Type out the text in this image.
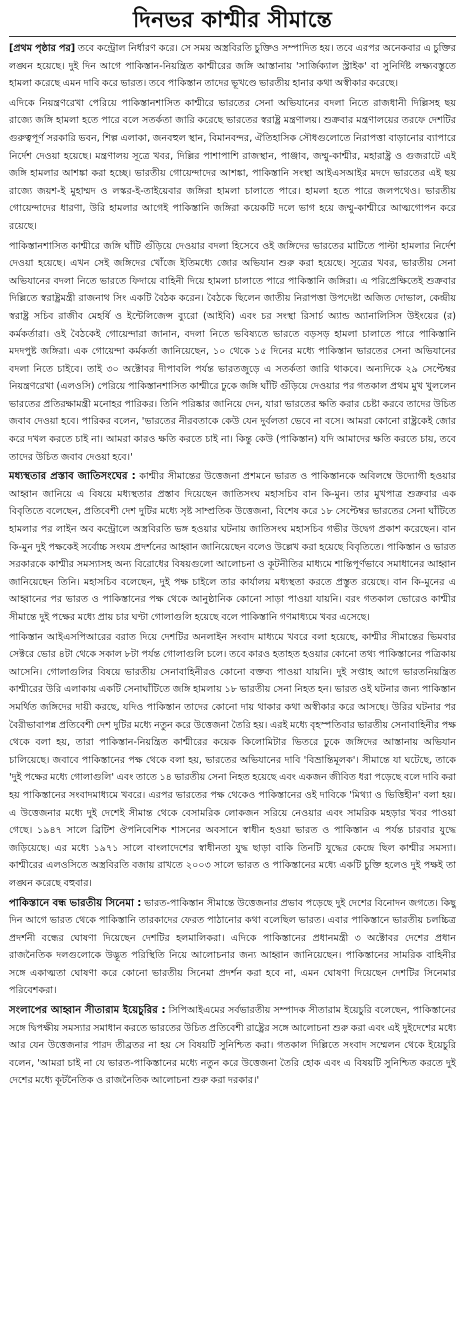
দিনভর কাশ্মীর সীমান্তে

[প্রথম পৃষ্ঠার পর] তবে কন্ট্রোল নির্ধারণ করে। সে সময় অস্ত্রবিরতি চুক্তিও সম্পাদিত হয়। তবে এরপর অনেকবার এ চুক্তির লঙ্ঘন হয়েছে। দুই দিন আগে পাকিস্তান-নিয়ন্ত্রিত কাশ্মীরের জঙ্গি আস্তানায় 'সার্জিক্যাল স্ট্রাইক' বা সুনির্দিষ্ট লক্ষ্যবস্তুতে হামলা করেছে এমন দাবি করে ভারত। তবে পাকিস্তান তাদের ভূখণ্ডে ভারতীয় হানার কথা অস্বীকার করেছে।

এদিকে নিয়ন্ত্রণরেখা পেরিয়ে পাকিস্তানশাসিত কাশ্মীরে ভারতের সেনা অভিযানের বদলা নিতে রাজধানী দিল্লিসহ ছয় রাজ্যে জঙ্গি হামলা হতে পারে বলে সতর্কতা জারি করেছে ভারতের স্বরাষ্ট্র মন্ত্রণালয়। শুক্রবার মন্ত্রণালয়ের তরফে দেশটির গুরুত্বপূর্ণ সরকারি ভবন, শিল্প এলাকা, জনবহুল স্থান, বিমানবন্দর, ঐতিহাসিক সৌধগুলোতে নিরাপত্তা বাড়ানোর ব্যাপারে নির্দেশ দেওয়া হয়েছে। মন্ত্রণালয় সূত্রে খবর, দিল্লির পাশাপাশি রাজস্থান, পাঞ্জাব, জম্মু-কাশ্মীর, মহারাষ্ট্র ও গুজরাটে এই জঙ্গি হামলার আশঙ্কা করা হচ্ছে। ভারতীয় গোয়েন্দাদের আশঙ্কা, পাকিস্তানি সংস্থা আইএসআইর মদদে ভারতের এই ছয় রাজ্যে জয়শ-ই মুহাম্মদ ও লস্কর-ই-তাইয়েবার জঙ্গিরা হামলা চালাতে পারে। হামলা হতে পারে জলপথেও। ভারতীয় গোয়েন্দাদের ধারণা, উরি হামলার আগেই পাকিস্তানি জঙ্গিরা কয়েকটি দলে ভাগ হয়ে জম্মু-কাশ্মীরে আত্মগোপন করে রয়েছে।

পাকিস্তানশাসিত কাশ্মীরে জঙ্গি ঘাঁটি গুঁড়িয়ে দেওয়ার বদলা হিসেবে ওই জঙ্গিদের ভারতের মাটিতে পাল্টা হামলার নির্দেশ দেওয়া হয়েছে। এখন সেই জঙ্গিদের খোঁজে ইতিমধ্যে জোর অভিযান শুরু করা হয়েছে। সূত্রের খবর, ভারতীয় সেনা অভিযানের বদলা নিতে ভারতে ফিদায়ে বাহিনী দিয়ে হামলা চালাতে পারে পাকিস্তানি জঙ্গিরা। এ পরিপ্রেক্ষিতেই শুক্রবার দিল্লিতে স্বরাষ্ট্রমন্ত্রী রাজনাথ সিং একটি বৈঠক করেন। বৈঠকে ছিলেন জাতীয় নিরাপত্তা উপদেষ্টা অজিত দোভাল, কেন্দ্রীয় স্বরাষ্ট্র সচিব রাজীব মেহর্ষি ও ইন্টেলিজেন্স ব্যুরো (আইবি) এবং চর সংস্থা রিসার্চ অ্যান্ড অ্যানালিসিস উইংয়ের (র) কর্মকর্তারা। ওই বৈঠকেই গোয়েন্দারা জানান, বদলা নিতে ভবিষ্যতে ভারতে বড়সড় হামলা চালাতে পারে পাকিস্তানি মদদপুষ্ট জঙ্গিরা। এক গোয়েন্দা কর্মকর্তা জানিয়েছেন, ১০ থেকে ১৫ দিনের মধ্যে পাকিস্তান ভারতের সেনা অভিযানের বদলা নিতে চাইবে। তাই ৩০ অক্টোবর দীপাবলি পর্যন্ত ভারতজুড়ে এ সতর্কতা জারি থাকবে। অন্যদিকে ২৯ সেপ্টেম্বর নিয়ন্ত্রণরেখা (এলওসি) পেরিয়ে পাকিস্তানশাসিত কাশ্মীরে ঢুকে জঙ্গি ঘাঁটি গুঁড়িয়ে দেওয়ার পর গতকাল প্রথম মুখ খুললেন ভারতের প্রতিরক্ষামন্ত্রী মনোহর পারিকর। তিনি পরিষ্কার জানিয়ে দেন, যারা ভারতের ক্ষতি করার চেষ্টা করবে তাদের উচিত জবাব দেওয়া হবে। পারিকর বলেন, 'ভারতের নীরবতাকে কেউ যেন দুর্বলতা ভেবে না বসে। আমরা কোনো রাষ্ট্রকেই জোর করে দখল করতে চাই না। আমরা কারও ক্ষতি করতে চাই না। কিন্তু কেউ (পাকিস্তান) যদি আমাদের ক্ষতি করতে চায়, তবে তাদের উচিত জবাব দেওয়া হবে।'

মধ্যস্থতার প্রস্তাব জাতিসংঘের : কাশ্মীর সীমান্তের উত্তেজনা প্রশমনে ভারত ও পাকিস্তানকে অবিলম্বে উদ্যোগী হওয়ার আহ্বান জানিয়ে এ বিষয়ে মধ্যস্থতার প্রস্তাব দিয়েছেন জাতিসংঘ মহাসচিব বান কি-মুন। তার মুখপাত্র শুক্রবার এক বিবৃতিতে বলেছেন, প্রতিবেশী দেশ দুটির মধ্যে সৃষ্ট সাম্প্রতিক উত্তেজনা, বিশেষ করে ১৮ সেপ্টেম্বর ভারতের সেনা ঘাঁটিতে হামলার পর লাইন অব কন্ট্রোলে অস্ত্রবিরতি ভঙ্গ হওয়ার ঘটনায় জাতিসংঘ মহাসচিব গভীর উদ্বেগ প্রকাশ করেছেন। বান কি-মুন দুই পক্ষকেই সর্বোচ্চ সংযম প্রদর্শনের আহ্বান জানিয়েছেন বলেও উল্লেখ করা হয়েছে বিবৃতিতে। পাকিস্তান ও ভারত সরকারকে কাশ্মীর সমস্যাসহ অন্য বিরোধের বিষয়গুলো আলোচনা ও কূটনীতির মাধ্যমে শান্তিপূর্ণভাবে সমাধানের আহ্বান জানিয়েছেন তিনি। মহাসচিব বলেছেন, দুই পক্ষ চাইলে তার কার্যালয় মধ্যস্থতা করতে প্রস্তুত রয়েছে। বান কি-মুনের এ আহ্বানের পর ভারত ও পাকিস্তানের পক্ষ থেকে আনুষ্ঠানিক কোনো সাড়া পাওয়া যায়নি। বরং গতকাল ভোরেও কাশ্মীর সীমান্তে দুই পক্ষের মধ্যে প্রায় চার ঘণ্টা গোলাগুলি হয়েছে বলে পাকিস্তানি গণমাধ্যমে খবর এসেছে।

পাকিস্তান আইএসপিআরের বরাত দিয়ে দেশটির অনলাইন সংবাদ মাধ্যমে খবরে বলা হয়েছে, কাশ্মীর সীমান্তের ভিমবার সেক্টরে ভোর ৪টা থেকে সকাল ৮টা পর্যন্ত গোলাগুলি চলে। তবে কারও হতাহত হওয়ার কোনো তথ্য পাকিস্তানের পত্রিকায় আসেনি। গোলাগুলির বিষয়ে ভারতীয় সেনাবাহিনীরও কোনো বক্তব্য পাওয়া যায়নি। দুই সপ্তাহ আগে ভারতনিয়ন্ত্রিত কাশ্মীরের উরি এলাকায় একটি সেনাঘাঁটিতে জঙ্গি হামলায় ১৮ ভারতীয় সেনা নিহত হন। ভারত ওই ঘটনার জন্য পাকিস্তান সমর্থিত জঙ্গিদের দায়ী করছে, যদিও পাকিস্তান তাদের কোনো দায় থাকার কথা অস্বীকার করে আসছে। উরির ঘটনার পর বৈরীভাবাপন্ন প্রতিবেশী দেশ দুটির মধ্যে নতুন করে উত্তেজনা তৈরি হয়। এরই মধ্যে বৃহস্পতিবার ভারতীয় সেনাবাহিনীর পক্ষ থেকে বলা হয়, তারা পাকিস্তান-নিয়ন্ত্রিত কাশ্মীরের কয়েক কিলোমিটার ভিতরে ঢুকে জঙ্গিদের আস্তানায় অভিযান চালিয়েছে। জবাবে পাকিস্তানের পক্ষ থেকে বলা হয়, ভারতের অভিযানের দাবি 'বিভ্রান্তিমূলক'। সীমান্তে যা ঘটেছে, তাকে 'দুই পক্ষের মধ্যে গোলাগুলি' এবং তাতে ১৪ ভারতীয় সেনা নিহত হয়েছে এবং একজন জীবিত ধরা পড়েছে বলে দাবি করা হয় পাকিস্তানের সংবাদমাধ্যমে খবরে। এরপর ভারতের পক্ষ থেকেও পাকিস্তানের ওই দাবিকে 'মিথ্যা ও ভিত্তিহীন' বলা হয়। এ উত্তেজনার মধ্যে দুই দেশেই সীমান্ত থেকে বেসামরিক লোকজন সরিয়ে নেওয়ার এবং সামরিক মহড়ার খবর পাওয়া গেছে। ১৯৪৭ সালে ব্রিটিশ ঔপনিবেশিক শাসনের অবসানে স্বাধীন হওয়া ভারত ও পাকিস্তান এ পর্যন্ত চারবার যুদ্ধে জড়িয়েছে। এর মধ্যে ১৯৭১ সালে বাংলাদেশের স্বাধীনতা যুদ্ধ ছাড়া বাকি তিনটি যুদ্ধের কেন্দ্রে ছিল কাশ্মীর সমস্যা। কাশ্মীরের এলওসিতে অস্ত্রবিরতি বজায় রাখতে ২০০৩ সালে ভারত ও পাকিস্তানের মধ্যে একটি চুক্তি হলেও দুই পক্ষই তা লঙ্ঘন করেছে বহুবার।

পাকিস্তানে বন্ধ ভারতীয় সিনেমা : ভারত-পাকিস্তান সীমান্তে উত্তেজনার প্রভাব পড়েছে দুই দেশের বিনোদন জগতে। কিছু দিন আগে ভারত থেকে পাকিস্তানি তারকাদের ফেরত পাঠানোর কথা বলেছিল ভারত। এবার পাকিস্তানে ভারতীয় চলচ্চিত্র প্রদর্শনী বন্ধের ঘোষণা দিয়েছেন দেশটির হলমালিকরা। এদিকে পাকিস্তানের প্রধানমন্ত্রী ৩ অক্টোবর দেশের প্রধান রাজনৈতিক দলগুলোকে উদ্ভূত পরিস্থিতি নিয়ে আলোচনার জন্য আহ্বান জানিয়েছেন। পাকিস্তানের সামরিক বাহিনীর সঙ্গে একাত্মতা ঘোষণা করে কোনো ভারতীয় সিনেমা প্রদর্শন করা হবে না, এমন ঘোষণা দিয়েছেন দেশটির সিনেমার পরিবেশকরা।

সংলাপের আহ্বান সীতারাম ইয়েচুরির : সিপিআইএমের সর্বভারতীয় সম্পাদক সীতারাম ইয়েচুরি বলেছেন, পাকিস্তানের সঙ্গে দ্বিপক্ষীয় সমস্যার সমাধান করতে ভারতের উচিত প্রতিবেশী রাষ্ট্রের সঙ্গে আলোচনা শুরু করা এবং এই দুইদেশের মধ্যে আর যেন উত্তেজনার পারদ তীব্রতর না হয় সে বিষয়টি সুনিশ্চিত করা। গতকাল দিল্লিতে সংবাদ সম্মেলন থেকে ইয়েচুরি বলেন, 'আমরা চাই না যে ভারত-পাকিস্তানের মধ্যে নতুন করে উত্তেজনা তৈরি হোক এবং এ বিষয়টি সুনিশ্চিত করতে দুই দেশের মধ্যে কূটনৈতিক ও রাজনৈতিক আলোচনা শুরু করা দরকার।'
